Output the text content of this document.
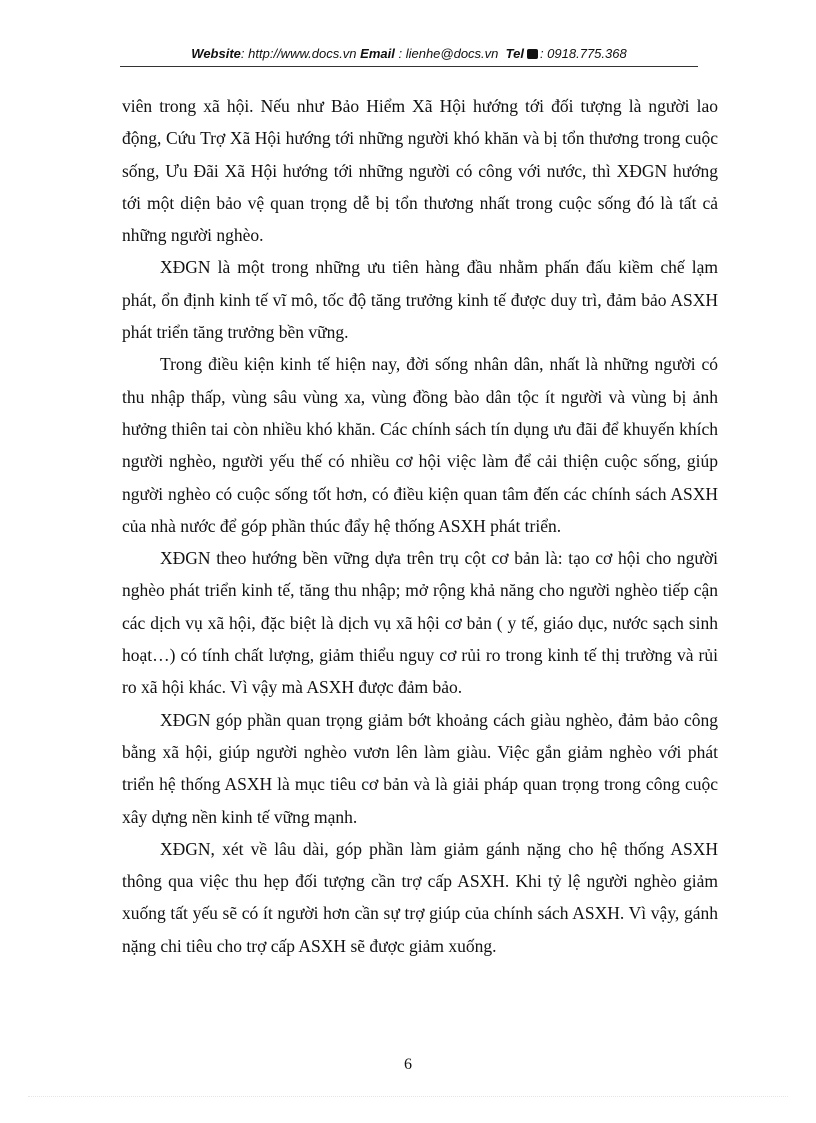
Website: http://www.docs.vn Email : lienhe@docs.vn Tel : 0918.775.368

viên trong xã hội. Nếu như Bảo Hiểm Xã Hội hướng tới đối tượng là người lao động, Cứu Trợ Xã Hội hướng tới những người khó khăn và bị tổn thương trong cuộc sống, Ưu Đãi Xã Hội hướng tới những người có công với nước, thì XĐGN hướng tới một diện bảo vệ quan trọng dễ bị tổn thương nhất trong cuộc sống đó là tất cả những người nghèo.

XĐGN là một trong những ưu tiên hàng đầu nhằm phấn đấu kiềm chế lạm phát, ổn định kinh tế vĩ mô, tốc độ tăng trưởng kinh tế được duy trì, đảm bảo ASXH phát triển tăng trưởng bền vững.

Trong điều kiện kinh tế hiện nay, đời sống nhân dân, nhất là những người có thu nhập thấp, vùng sâu vùng xa, vùng đồng bào dân tộc ít người và vùng bị ảnh hưởng thiên tai còn nhiều khó khăn. Các chính sách tín dụng ưu đãi để khuyến khích người nghèo, người yếu thế có nhiều cơ hội việc làm để cải thiện cuộc sống, giúp người nghèo có cuộc sống tốt hơn, có điều kiện quan tâm đến các chính sách ASXH của nhà nước để góp phần thúc đẩy hệ thống ASXH phát triển.

XĐGN theo hướng bền vững dựa trên trụ cột cơ bản là: tạo cơ hội cho người nghèo phát triển kinh tế, tăng thu nhập; mở rộng khả năng cho người nghèo tiếp cận các dịch vụ xã hội, đặc biệt là dịch vụ xã hội cơ bản ( y tế, giáo dục, nước sạch sinh hoạt…) có tính chất lượng, giảm thiểu nguy cơ rủi ro trong kinh tế thị trường và rủi ro xã hội khác. Vì vậy mà ASXH được đảm bảo.

XĐGN góp phần quan trọng giảm bớt khoảng cách giàu nghèo, đảm bảo công bằng xã hội, giúp người nghèo vươn lên làm giàu. Việc gắn giảm nghèo với phát triển hệ thống ASXH là mục tiêu cơ bản và là giải pháp quan trọng trong công cuộc xây dựng nền kinh tế vững mạnh.

XĐGN, xét về lâu dài, góp phần làm giảm gánh nặng cho hệ thống ASXH thông qua việc thu hẹp đối tượng cần trợ cấp ASXH. Khi tỷ lệ người nghèo giảm xuống tất yếu sẽ có ít người hơn cần sự trợ giúp của chính sách ASXH. Vì vậy, gánh nặng chi tiêu cho trợ cấp ASXH sẽ được giảm xuống.

6
